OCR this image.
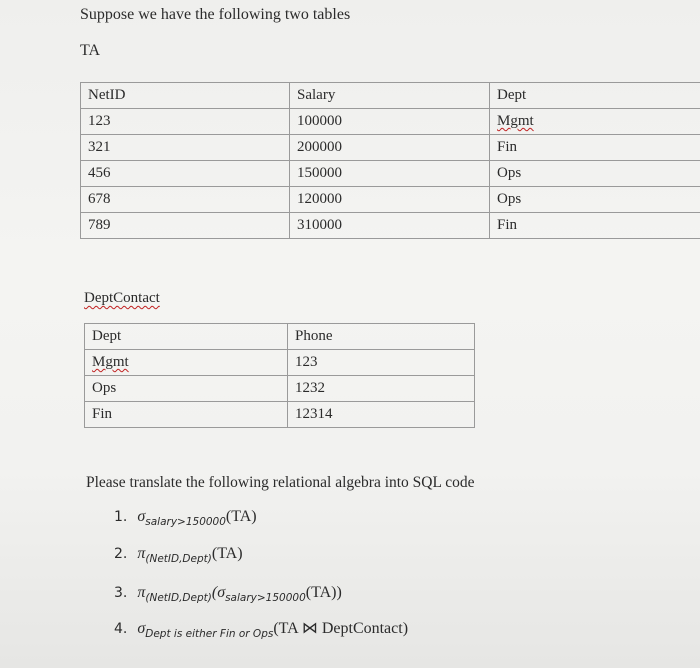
Suppose we have the following two tables
TA
NetID	Salary	Dept
123	100000	Mgmt
321	200000	Fin
456	150000	Ops
678	120000	Ops
789	310000	Fin
DeptContact
Dept	Phone
Mgmt	123
Ops	1232
Fin	12314
Please translate the following relational algebra into SQL code
1. $\sigma_{salary>150000}(TA)$
2. $\pi_{(NetID,Dept)}(TA)$
3. $\pi_{(NetID,Dept)}(\sigma_{salary>150000}(TA))$
4. $\sigma_{Dept is either Fin or Ops}(TA$ ⋈ DeptContact)
